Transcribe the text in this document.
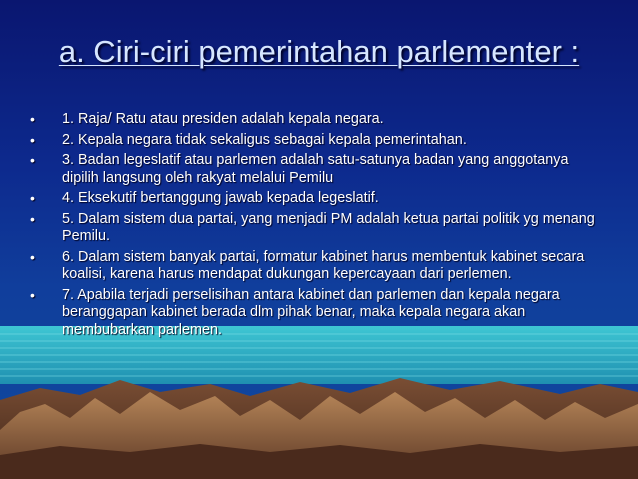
a. Ciri-ciri pemerintahan parlementer :
• 1. Raja/ Ratu atau presiden adalah kepala negara.
• 2. Kepala negara tidak sekaligus sebagai kepala pemerintahan.
• 3. Badan legeslatif atau parlemen adalah satu-satunya badan yang anggotanya dipilih langsung oleh rakyat melalui Pemilu
• 4. Eksekutif bertanggung jawab kepada legeslatif.
• 5. Dalam sistem dua partai, yang menjadi PM adalah ketua partai politik yg menang Pemilu.
• 6. Dalam sistem banyak partai, formatur kabinet harus membentuk kabinet secara koalisi, karena harus mendapat dukungan kepercayaan dari perlemen.
• 7. Apabila terjadi perselisihan antara kabinet dan parlemen dan kepala negara beranggapan kabinet berada dlm pihak benar, maka kepala negara akan membubarkan parlemen.
